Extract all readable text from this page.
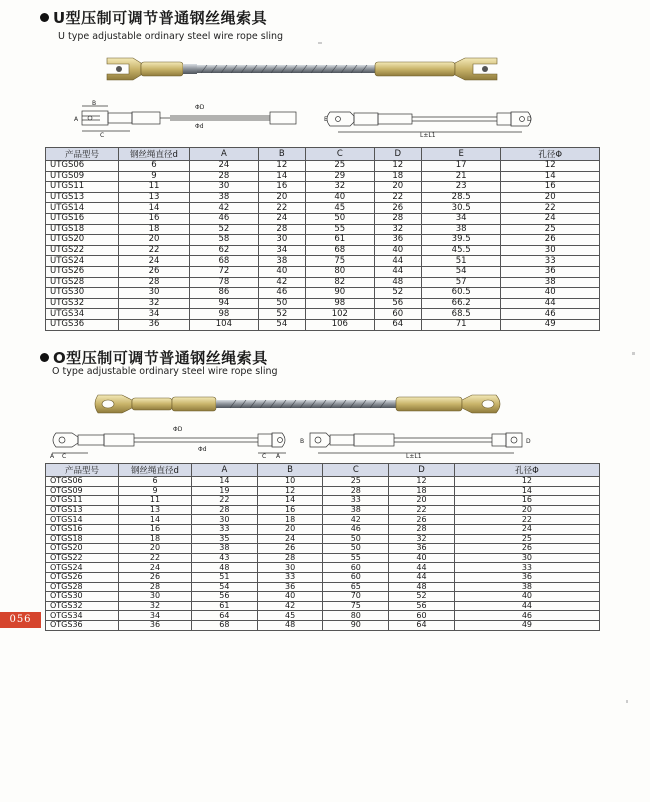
U型压制可调节普通钢丝绳索具
U type adjustable ordinary steel wire rope sling
A
B
C
ΦD
Φd
E	D
L±L1
产品型号	钢丝绳直径d	A	B	C	D	E	孔径Φ
UTGS06	6	24	12	25	12	17	12
UTGS09	9	28	14	29	18	21	14
UTGS11	11	30	16	32	20	23	16
UTGS13	13	38	20	40	22	28.5	20
UTGS14	14	42	22	45	26	30.5	22
UTGS16	16	46	24	50	28	34	24
UTGS18	18	52	28	55	32	38	25
UTGS20	20	58	30	61	36	39.5	26
UTGS22	22	62	34	68	40	45.5	30
UTGS24	24	68	38	75	44	51	33
UTGS26	26	72	40	80	44	54	36
UTGS28	28	78	42	82	48	57	38
UTGS30	30	86	46	90	52	60.5	40
UTGS32	32	94	50	98	56	66.2	44
UTGS34	34	98	52	102	60	68.5	46
UTGS36	36	104	54	106	64	71	49
O型压制可调节普通钢丝绳索具
O type adjustable ordinary steel wire rope sling
A C	C A
ΦD
Φd
B	D
L±L1
产品型号	钢丝绳直径d	A	B	C	D	孔径Φ
OTGS06	6	14	10	25	12	12
OTGS09	9	19	12	28	18	14
OTGS11	11	22	14	33	20	16
OTGS13	13	28	16	38	22	20
OTGS14	14	30	18	42	26	22
OTGS16	16	33	20	46	28	24
OTGS18	18	35	24	50	32	25
OTGS20	20	38	26	50	36	26
OTGS22	22	43	28	55	40	30
OTGS24	24	48	30	60	44	33
OTGS26	26	51	33	60	44	36
OTGS28	28	54	36	65	48	38
OTGS30	30	56	40	70	52	40
OTGS32	32	61	42	75	56	44
OTGS34	34	64	45	80	60	46
OTGS36	36	68	48	90	64	49
056
